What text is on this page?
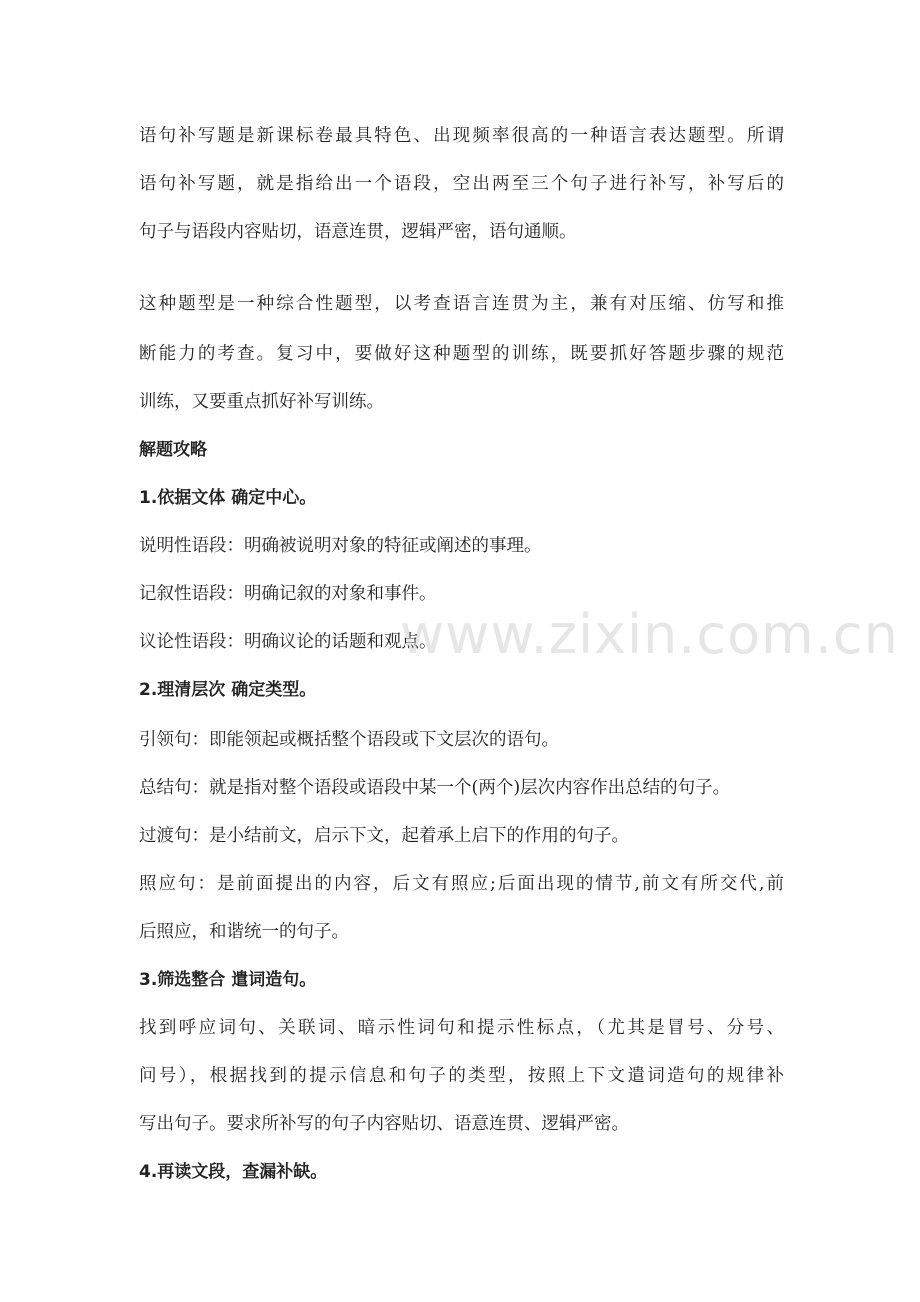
语句补写题是新课标卷最具特色、出现频率很高的一种语言表达题型。所谓
语句补写题，就是指给出一个语段，空出两至三个句子进行补写，补写后的
句子与语段内容贴切，语意连贯，逻辑严密，语句通顺。
这种题型是一种综合性题型，以考查语言连贯为主，兼有对压缩、仿写和推
断能力的考查。复习中，要做好这种题型的训练，既要抓好答题步骤的规范
训练，又要重点抓好补写训练。
解题攻略
1.依据文体 确定中心。
说明性语段：明确被说明对象的特征或阐述的事理。
记叙性语段：明确记叙的对象和事件。
议论性语段：明确议论的话题和观点。
2.理清层次 确定类型。
引领句：即能领起或概括整个语段或下文层次的语句。
总结句：就是指对整个语段或语段中某一个(两个)层次内容作出总结的句子。
过渡句：是小结前文，启示下文，起着承上启下的作用的句子。
照应句：是前面提出的内容，后文有照应;后面出现的情节,前文有所交代,前
后照应，和谐统一的句子。
3.筛选整合 遣词造句。
找到呼应词句、关联词、暗示性词句和提示性标点，（尤其是冒号、分号、
问号），根据找到的提示信息和句子的类型，按照上下文遣词造句的规律补
写出句子。要求所补写的句子内容贴切、语意连贯、逻辑严密。
4.再读文段，查漏补缺。
www.zixin.com.cn
